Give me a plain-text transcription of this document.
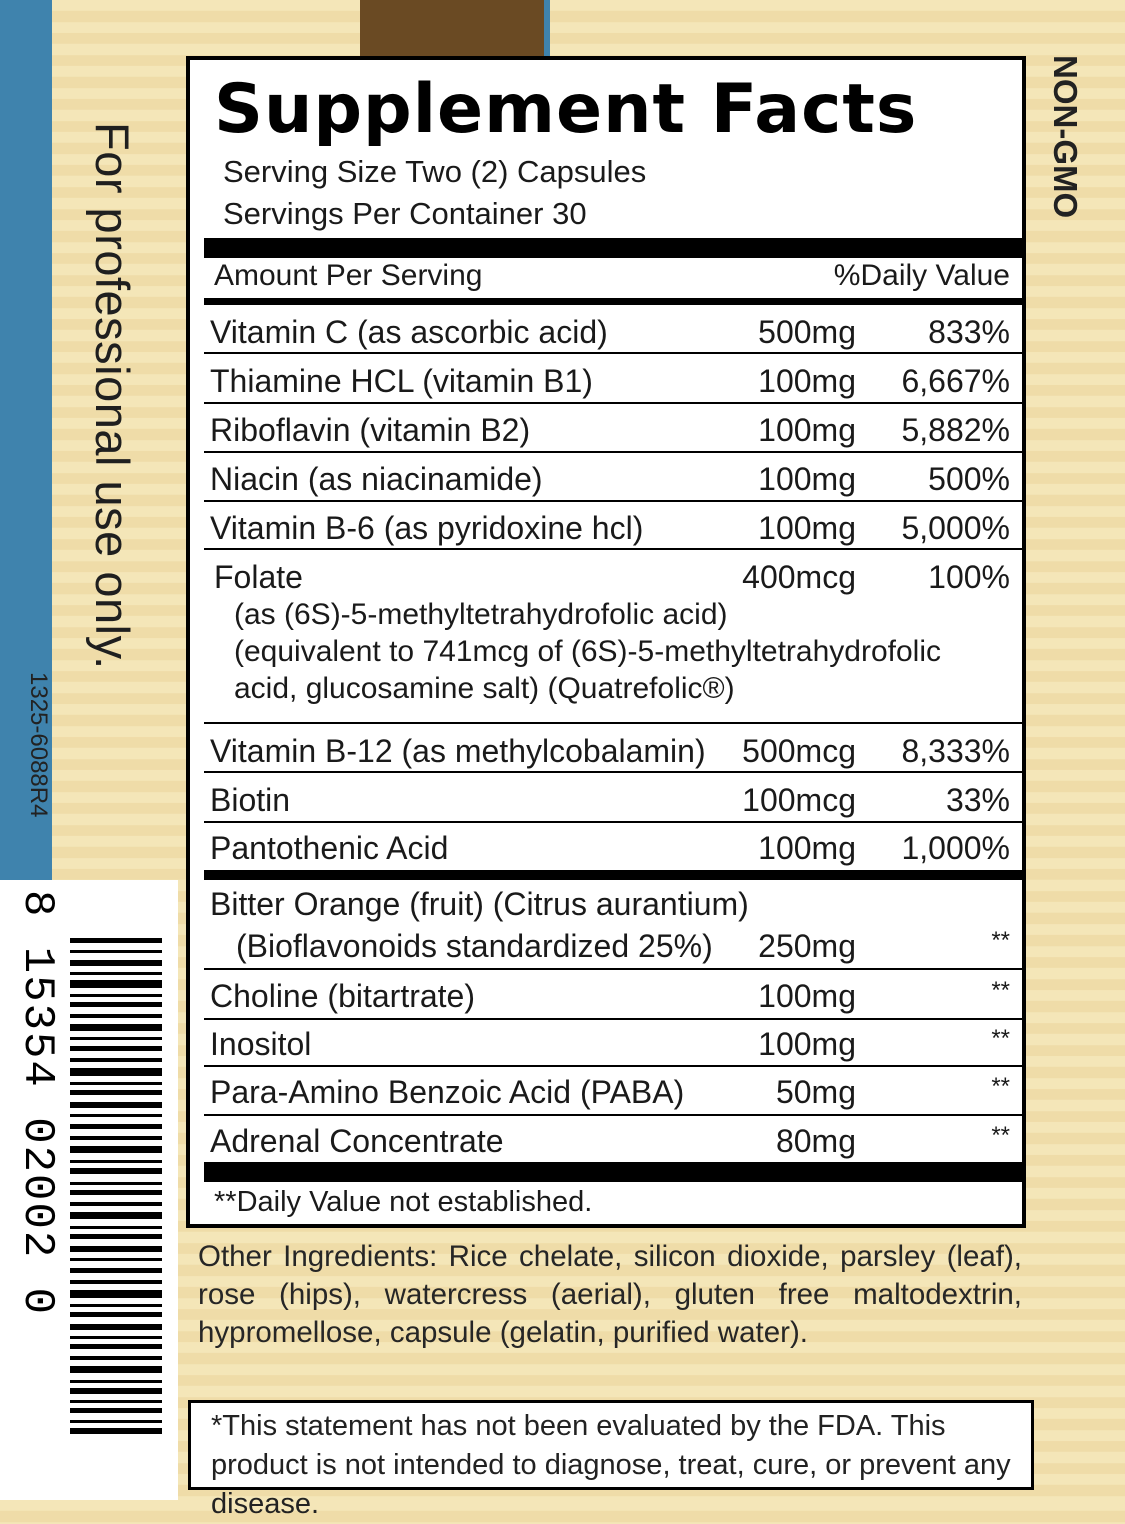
For professional use only.
1325-6088R4
8 15354 02002 0
NON-GMO
Supplement Facts
Serving Size Two (2) Capsules
Servings Per Container 30
Amount Per Serving	%Daily Value
Vitamin C (as ascorbic acid)	500mg 833%
Thiamine HCL (vitamin B1)	100mg 6,667%
Riboflavin (vitamin B2)	100mg 5,882%
Niacin (as niacinamide)	100mg 500%
Vitamin B-6 (as pyridoxine hcl)	100mg 5,000%
Folate	400mcg 100%
(as (6S)-5-methyltetrahydrofolic acid)
(equivalent to 741mcg of (6S)-5-methyltetrahydrofolic
acid, glucosamine salt) (Quatrefolic®)
Vitamin B-12 (as methylcobalamin) 500mcg 8,333%
Biotin	100mcg	33%
Pantothenic Acid	100mg 1,000%
Bitter Orange (fruit) (Citrus aurantium)
(Bioflavonoids standardized 25%) 250mg	**
Choline (bitartrate)	100mg	**
Inositol	100mg	**
Para-Amino Benzoic Acid (PABA)	50mg	**
Adrenal Concentrate	80mg	**
**Daily Value not established.
Other Ingredients: Rice chelate, silicon dioxide, parsley (leaf), rose (hips), watercress (aerial), gluten free maltodextrin, hypromellose, capsule (gelatin, purified water).
*This statement has not been evaluated by the FDA. This product is not intended to diagnose, treat, cure, or prevent any disease.
